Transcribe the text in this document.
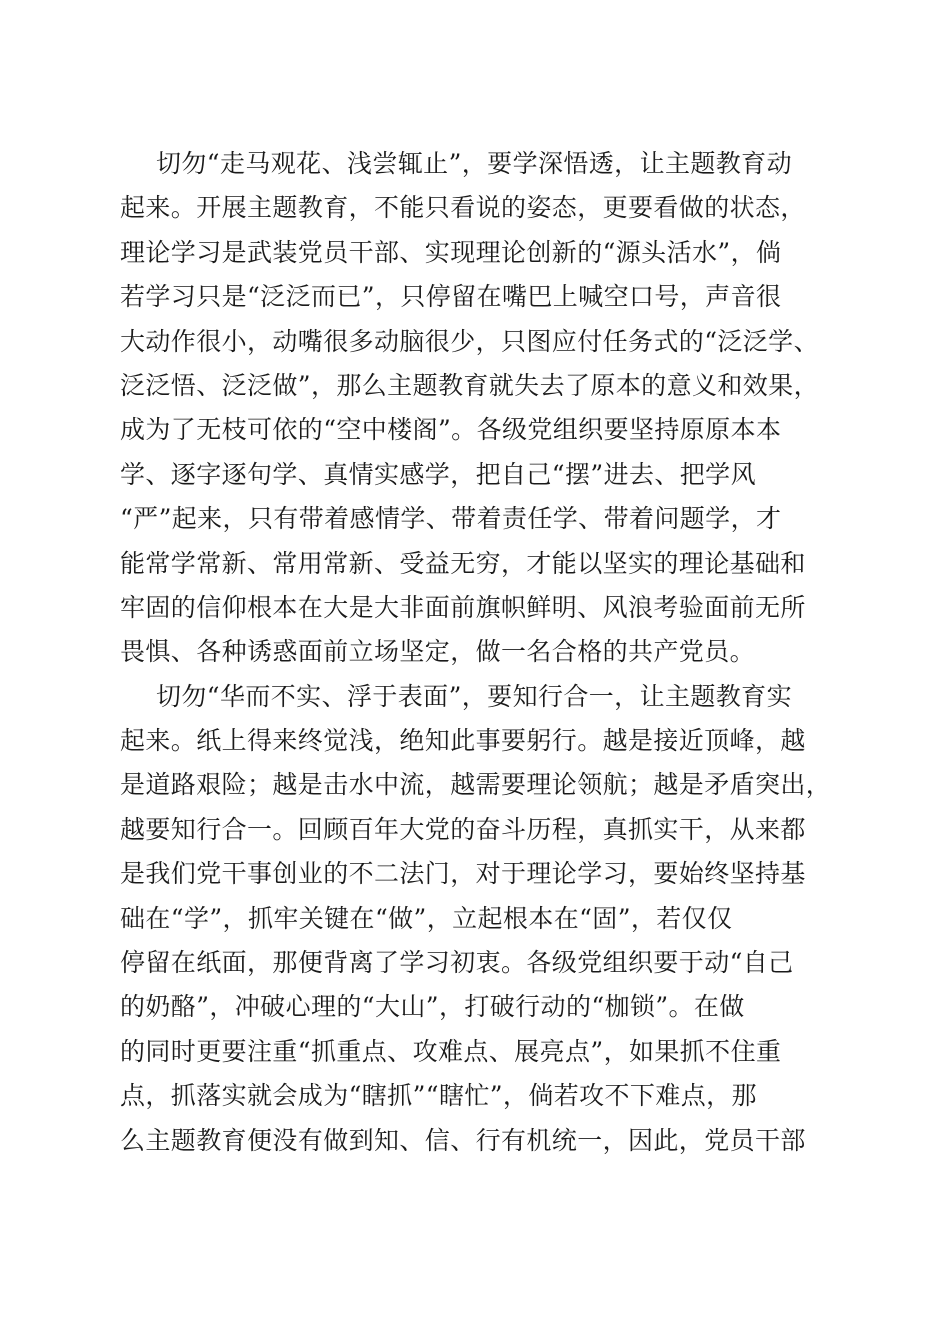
切勿“走马观花、浅尝辄止”，要学深悟透，让主题教育动
起来。开展主题教育，不能只看说的姿态，更要看做的状态，
理论学习是武装党员干部、实现理论创新的“源头活水”，倘
若学习只是“泛泛而已”，只停留在嘴巴上喊空口号，声音很
大动作很小，动嘴很多动脑很少，只图应付任务式的“泛泛学、
泛泛悟、泛泛做”，那么主题教育就失去了原本的意义和效果，
成为了无枝可依的“空中楼阁”。各级党组织要坚持原原本本
学、逐字逐句学、真情实感学，把自己“摆”进去、把学风
“严”起来，只有带着感情学、带着责任学、带着问题学，才
能常学常新、常用常新、受益无穷，才能以坚实的理论基础和
牢固的信仰根本在大是大非面前旗帜鲜明、风浪考验面前无所
畏惧、各种诱惑面前立场坚定，做一名合格的共产党员。
切勿“华而不实、浮于表面”，要知行合一，让主题教育实
起来。纸上得来终觉浅，绝知此事要躬行。越是接近顶峰，越
是道路艰险；越是击水中流，越需要理论领航；越是矛盾突出，
越要知行合一。回顾百年大党的奋斗历程，真抓实干，从来都
是我们党干事创业的不二法门，对于理论学习，要始终坚持基
础在“学”，抓牢关键在“做”，立起根本在“固”，若仅仅
停留在纸面，那便背离了学习初衷。各级党组织要于动“自己
的奶酪”，冲破心理的“大山”，打破行动的“枷锁”。在做
的同时更要注重“抓重点、攻难点、展亮点”，如果抓不住重
点，抓落实就会成为“瞎抓”“瞎忙”，倘若攻不下难点，那
么主题教育便没有做到知、信、行有机统一，因此，党员干部
